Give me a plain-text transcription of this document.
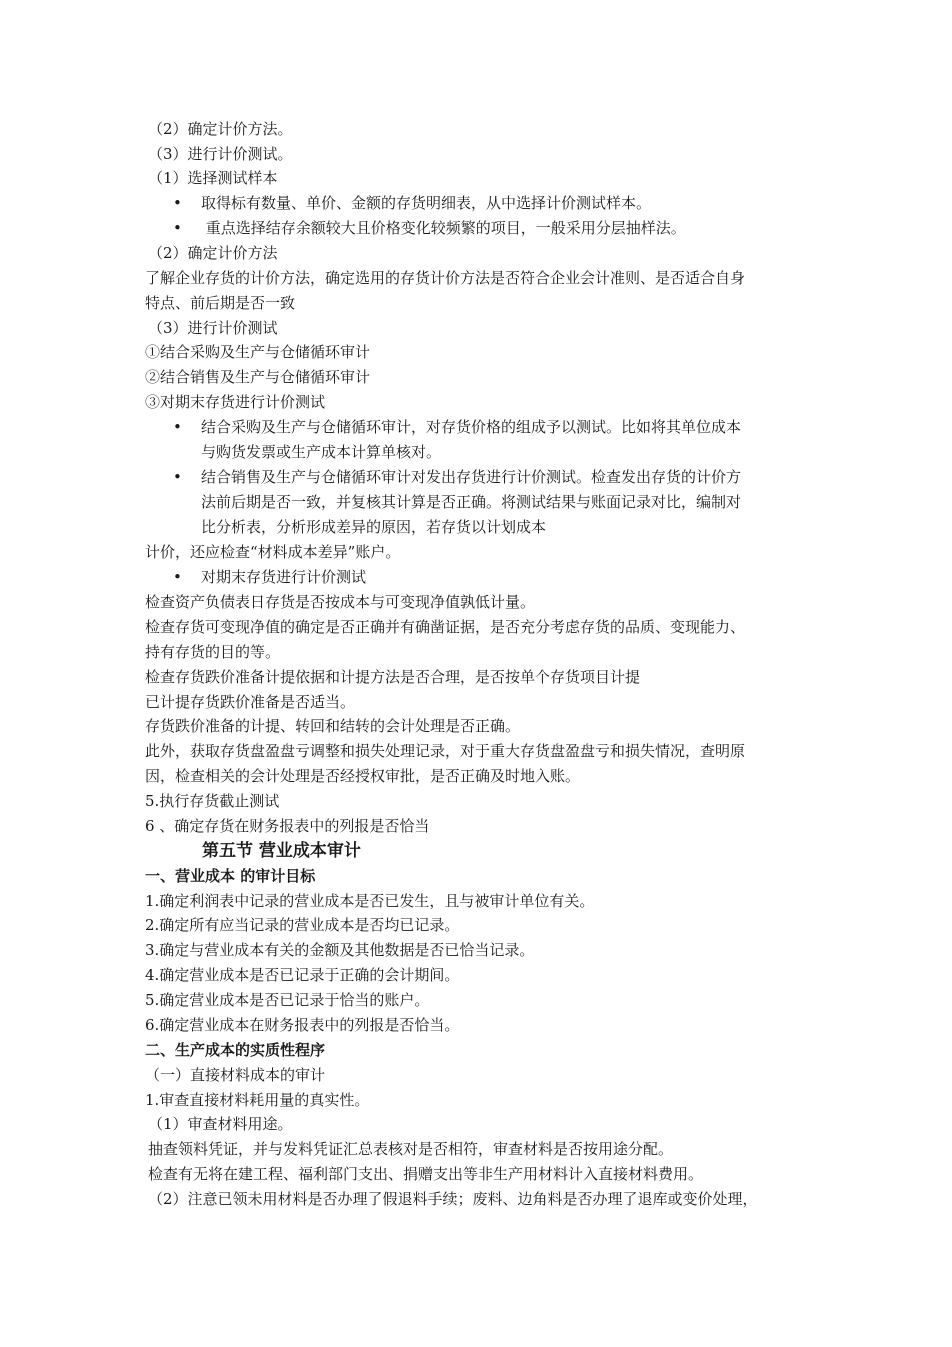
（2）确定计价方法。
（3）进行计价测试。
（1）选择测试样本
• 取得标有数量、单价、金额的存货明细表，从中选择计价测试样本。
• 重点选择结存余额较大且价格变化较频繁的项目，一般采用分层抽样法。
（2）确定计价方法
了解企业存货的计价方法，确定选用的存货计价方法是否符合企业会计准则、是否适合自身
特点、前后期是否一致
（3）进行计价测试
①结合采购及生产与仓储循环审计
②结合销售及生产与仓储循环审计
③对期末存货进行计价测试
• 结合采购及生产与仓储循环审计，对存货价格的组成予以测试。比如将其单位成本
与购货发票或生产成本计算单核对。
• 结合销售及生产与仓储循环审计对发出存货进行计价测试。检查发出存货的计价方
法前后期是否一致，并复核其计算是否正确。将测试结果与账面记录对比，编制对
比分析表，分析形成差异的原因，若存货以计划成本
计价，还应检查“材料成本差异”账户。
• 对期末存货进行计价测试
检查资产负债表日存货是否按成本与可变现净值孰低计量。
检查存货可变现净值的确定是否正确并有确凿证据，是否充分考虑存货的品质、变现能力、
持有存货的目的等。
检查存货跌价准备计提依据和计提方法是否合理，是否按单个存货项目计提
已计提存货跌价准备是否适当。
存货跌价准备的计提、转回和结转的会计处理是否正确。
此外，获取存货盘盈盘亏调整和损失处理记录，对于重大存货盘盈盘亏和损失情况，查明原
因，检查相关的会计处理是否经授权审批，是否正确及时地入账。
5.执行存货截止测试
6 、确定存货在财务报表中的列报是否恰当
第五节 营业成本审计
一、营业成本 的审计目标
1.确定利润表中记录的营业成本是否已发生，且与被审计单位有关。
2.确定所有应当记录的营业成本是否均已记录。
3.确定与营业成本有关的金额及其他数据是否已恰当记录。
4.确定营业成本是否已记录于正确的会计期间。
5.确定营业成本是否已记录于恰当的账户。
6.确定营业成本在财务报表中的列报是否恰当。
二、生产成本的实质性程序
（一）直接材料成本的审计
1.审查直接材料耗用量的真实性。
（1）审查材料用途。
抽查领料凭证，并与发料凭证汇总表核对是否相符，审查材料是否按用途分配。
检查有无将在建工程、福利部门支出、捐赠支出等非生产用材料计入直接材料费用。
（2）注意已领未用材料是否办理了假退料手续；废料、边角料是否办理了退库或变价处理，
